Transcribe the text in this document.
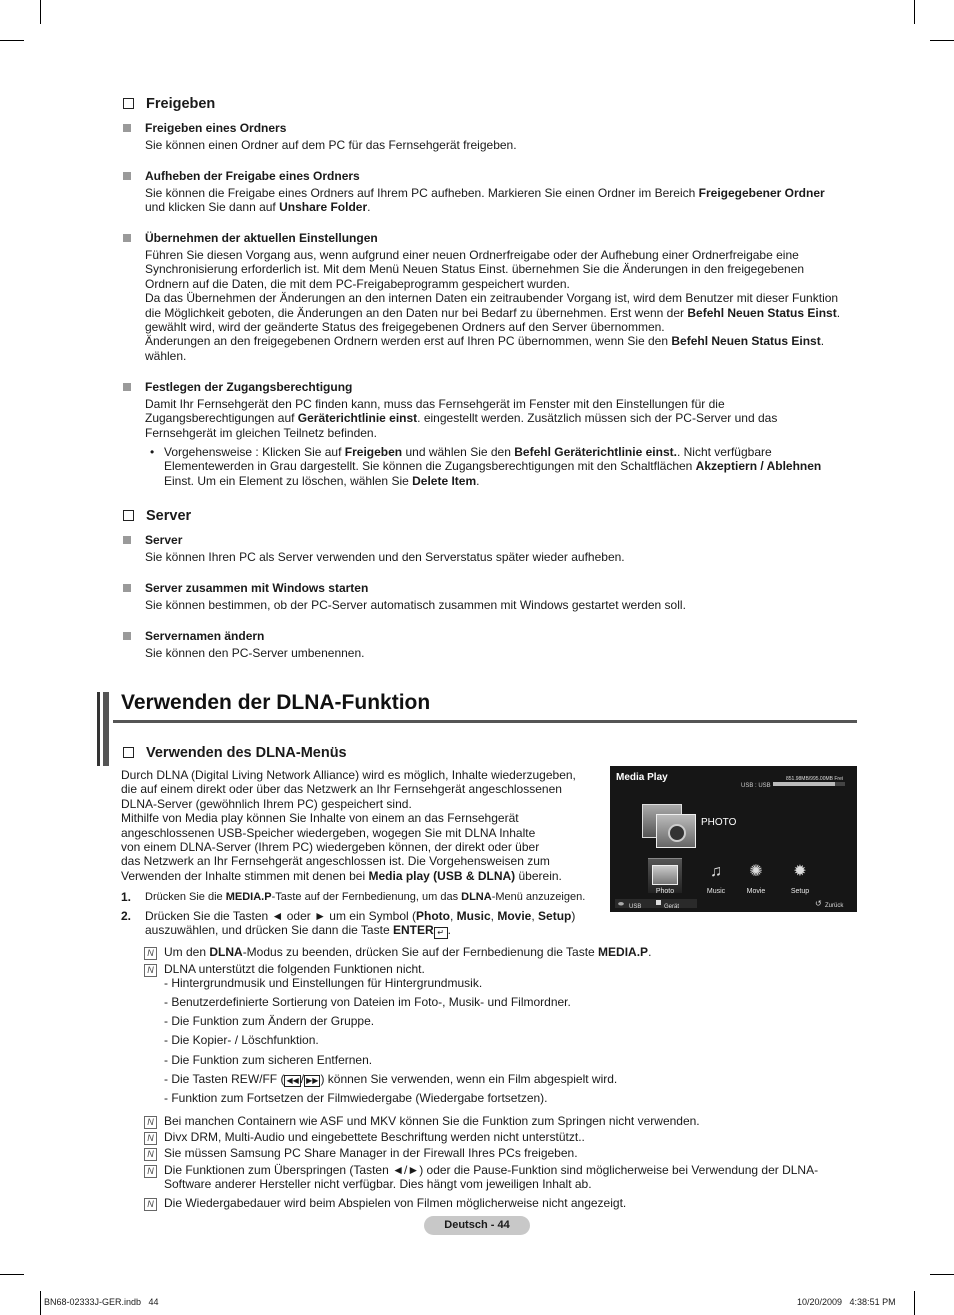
Freigeben
Freigeben eines Ordners
Sie können einen Ordner auf dem PC für das Fernsehgerät freigeben.
Aufheben der Freigabe eines Ordners
Sie können die Freigabe eines Ordners auf Ihrem PC aufheben. Markieren Sie einen Ordner im Bereich Freigegebener Ordner
und klicken Sie dann auf Unshare Folder.
Übernehmen der aktuellen Einstellungen
Führen Sie diesen Vorgang aus, wenn aufgrund einer neuen Ordnerfreigabe oder der Aufhebung einer Ordnerfreigabe eine
Synchronisierung erforderlich ist. Mit dem Menü Neuen Status Einst. übernehmen Sie die Änderungen in den freigegebenen
Ordnern auf die Daten, die mit dem PC-Freigabeprogramm gespeichert wurden.
Da das Übernehmen der Änderungen an den internen Daten ein zeitraubender Vorgang ist, wird dem Benutzer mit dieser Funktion
die Möglichkeit geboten, die Änderungen an den Daten nur bei Bedarf zu übernehmen. Erst wenn der Befehl Neuen Status Einst.
gewählt wird, wird der geänderte Status des freigegebenen Ordners auf den Server übernommen.
Änderungen an den freigegebenen Ordnern werden erst auf Ihren PC übernommen, wenn Sie den Befehl Neuen Status Einst.
wählen.
Festlegen der Zugangsberechtigung
Damit Ihr Fernsehgerät den PC finden kann, muss das Fernsehgerät im Fenster mit den Einstellungen für die
Zugangsberechtigungen auf Geräterichtlinie einst. eingestellt werden. Zusätzlich müssen sich der PC-Server und das
Fernsehgerät im gleichen Teilnetz befinden.
• Vorgehensweise : Klicken Sie auf Freigeben und wählen Sie den Befehl Geräterichtlinie einst.. Nicht verfügbare
Elementewerden in Grau dargestellt. Sie können die Zugangsberechtigungen mit den Schaltflächen Akzeptiern / Ablehnen
Einst. Um ein Element zu löschen, wählen Sie Delete Item.
Server
Server
Sie können Ihren PC als Server verwenden und den Serverstatus später wieder aufheben.
Server zusammen mit Windows starten
Sie können bestimmen, ob der PC-Server automatisch zusammen mit Windows gestartet werden soll.
Servernamen ändern
Sie können den PC-Server umbenennen.
Verwenden der DLNA-Funktion
Verwenden des DLNA-Menüs
Durch DLNA (Digital Living Network Alliance) wird es möglich, Inhalte wiederzugeben,
die auf einem direkt oder über das Netzwerk an Ihr Fernsehgerät angeschlossenen
DLNA-Server (gewöhnlich Ihrem PC) gespeichert sind.
Mithilfe von Media play können Sie Inhalte von einem an das Fernsehgerät
angeschlossenen USB-Speicher wiedergeben, wogegen Sie mit DLNA Inhalte
von einem DLNA-Server (Ihrem PC) wiedergeben können, der direkt oder über
das Netzwerk an Ihr Fernsehgerät angeschlossen ist. Die Vorgehensweisen zum
Verwenden der Inhalte stimmen mit denen bei Media play (USB & DLNA) überein.
1. Drücken Sie die MEDIA.P-Taste auf der Fernbedienung, um das DLNA-Menü anzuzeigen.
2. Drücken Sie die Tasten ◄ oder ► um ein Symbol (Photo, Music, Movie, Setup)
auszuwählen, und drücken Sie dann die Taste ENTER ↵ .
Media Play
USB : USB
851.98MB/995.00MB Frei
PHOTO
Photo
♫
Music
✺
Movie
✹
Setup
⬬ USB	Gerät	↺ Zurück
N Um den DLNA-Modus zu beenden, drücken Sie auf der Fernbedienung die Taste MEDIA.P.
N DLNA unterstützt die folgenden Funktionen nicht.
- Hintergrundmusik und Einstellungen für Hintergrundmusik.
- Benutzerdefinierte Sortierung von Dateien im Foto-, Musik- und Filmordner.
- Die Funktion zum Ändern der Gruppe.
- Die Kopier- / Löschfunktion.
- Die Funktion zum sicheren Entfernen.
- Die Tasten REW/FF ( ◀◀ / ▶▶ ) können Sie verwenden, wenn ein Film abgespielt wird.
- Funktion zum Fortsetzen der Filmwiedergabe (Wiedergabe fortsetzen).
N Bei manchen Containern wie ASF und MKV können Sie die Funktion zum Springen nicht verwenden.
N Divx DRM, Multi-Audio und eingebettete Beschriftung werden nicht unterstützt..
N Sie müssen Samsung PC Share Manager in der Firewall Ihres PCs freigeben.
N Die Funktionen zum Überspringen (Tasten ◄/►) oder die Pause-Funktion sind möglicherweise bei Verwendung der DLNA-
Software anderer Hersteller nicht verfügbar. Dies hängt vom jeweiligen Inhalt ab.
N Die Wiedergabedauer wird beim Abspielen von Filmen möglicherweise nicht angezeigt.
Deutsch - 44
BN68-02333J-GER.indb   44	10/20/2009   4:38:51 PM
